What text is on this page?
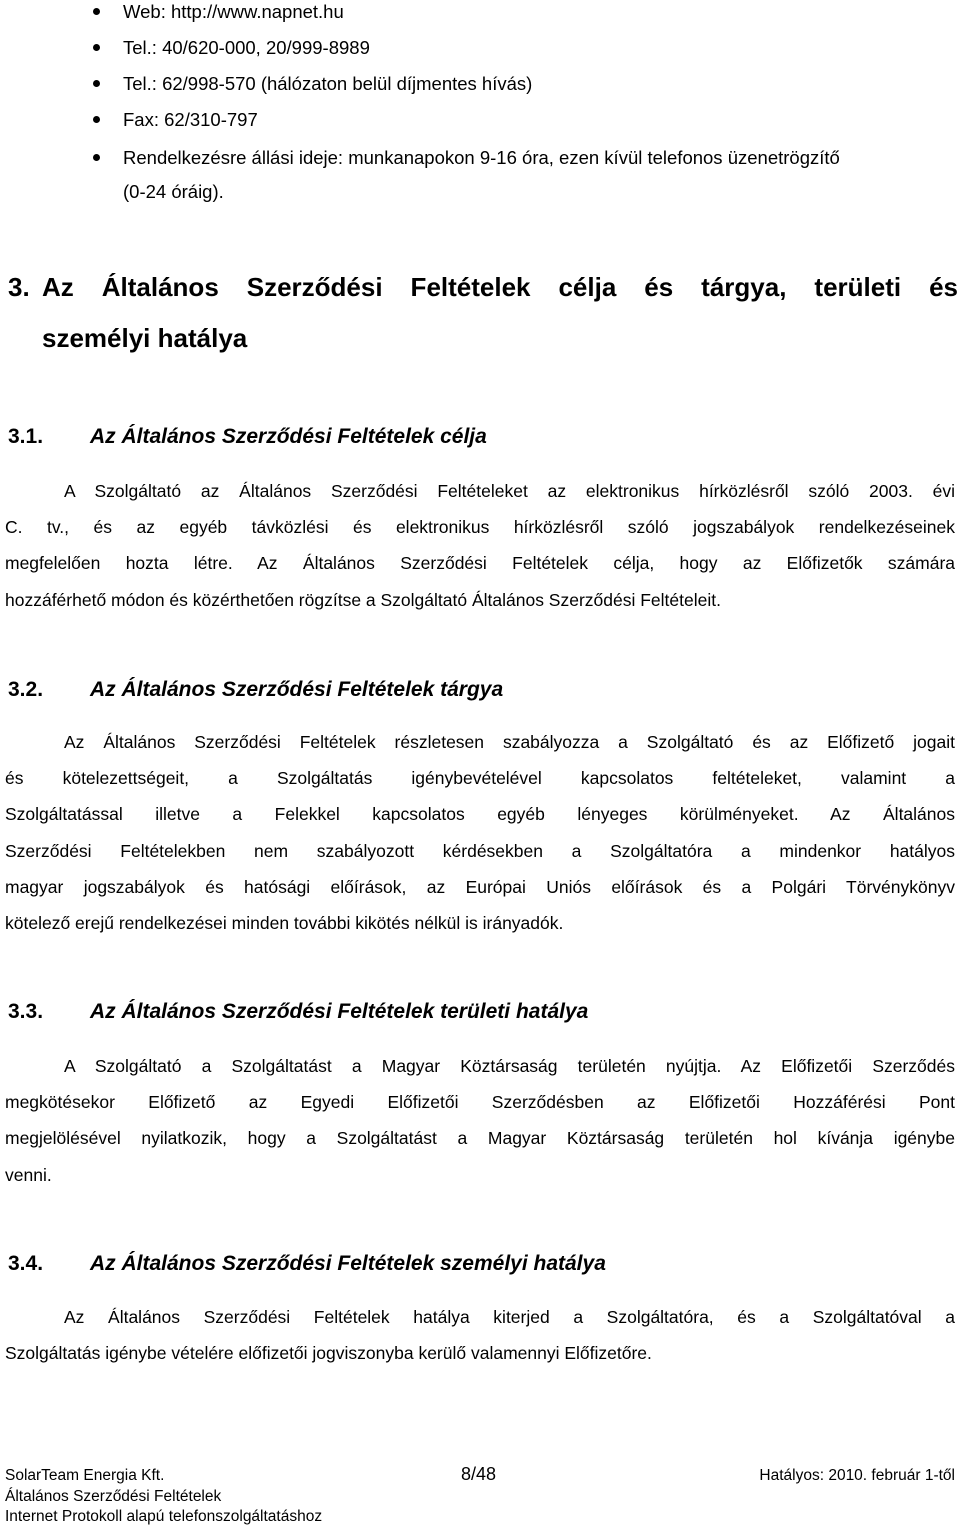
Web: http://www.napnet.hu
Tel.: 40/620-000, 20/999-8989
Tel.: 62/998-570 (hálózaton belül díjmentes hívás)
Fax: 62/310-797
Rendelkezésre állási ideje: munkanapokon 9-16 óra, ezen kívül telefonos üzenetrögzítő
(0-24 óráig).
3. Az Általános Szerződési Feltételek célja és tárgya, területi és
személyi hatálya
3.1. Az Általános Szerződési Feltételek célja
A Szolgáltató az Általános Szerződési Feltételeket az elektronikus hírközlésről szóló 2003. évi
C. tv., és az egyéb távközlési és elektronikus hírközlésről szóló jogszabályok rendelkezéseinek
megfelelően hozta létre. Az Általános Szerződési Feltételek célja, hogy az Előfizetők számára
hozzáférhető módon és közérthetően rögzítse a Szolgáltató Általános Szerződési Feltételeit.
3.2. Az Általános Szerződési Feltételek tárgya
Az Általános Szerződési Feltételek részletesen szabályozza a Szolgáltató és az Előfizető jogait
és kötelezettségeit, a Szolgáltatás igénybevételével kapcsolatos feltételeket, valamint a
Szolgáltatással illetve a Felekkel kapcsolatos egyéb lényeges körülményeket. Az Általános
Szerződési Feltételekben nem szabályozott kérdésekben a Szolgáltatóra a mindenkor hatályos
magyar jogszabályok és hatósági előírások, az Európai Uniós előírások és a Polgári Törvénykönyv
kötelező erejű rendelkezései minden további kikötés nélkül is irányadók.
3.3. Az Általános Szerződési Feltételek területi hatálya
A Szolgáltató a Szolgáltatást a Magyar Köztársaság területén nyújtja. Az Előfizetői Szerződés
megkötésekor Előfizető az Egyedi Előfizetői Szerződésben az Előfizetői Hozzáférési Pont
megjelölésével nyilatkozik, hogy a Szolgáltatást a Magyar Köztársaság területén hol kívánja igénybe
venni.
3.4. Az Általános Szerződési Feltételek személyi hatálya
Az Általános Szerződési Feltételek hatálya kiterjed a Szolgáltatóra, és a Szolgáltatóval a
Szolgáltatás igénybe vételére előfizetői jogviszonyba kerülő valamennyi Előfizetőre.
SolarTeam Energia Kft.	8/48	Hatályos: 2010. február 1-től
Általános Szerződési Feltételek
Internet Protokoll alapú telefonszolgáltatáshoz
